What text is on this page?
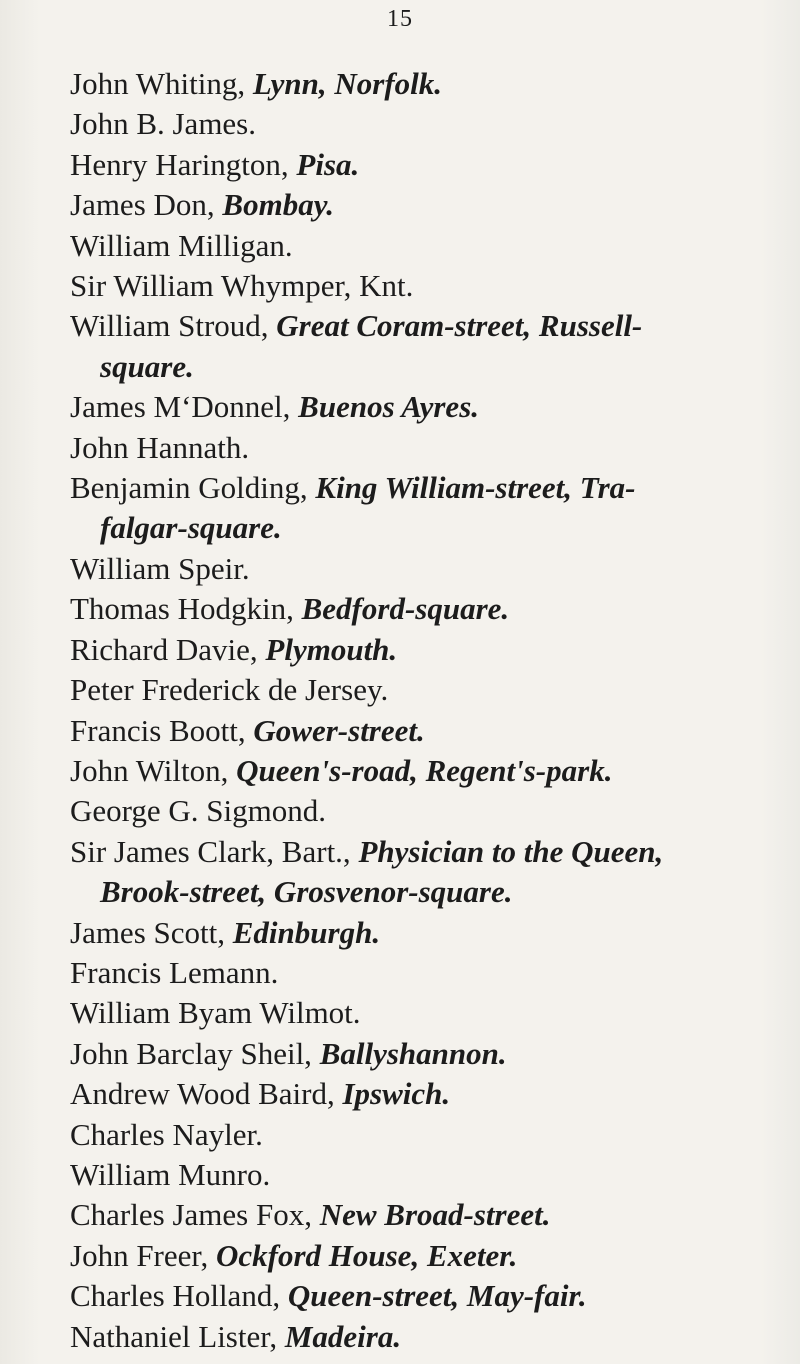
15
John Whiting, Lynn, Norfolk.
John B. James.
Henry Harington, Pisa.
James Don, Bombay.
William Milligan.
Sir William Whymper, Knt.
William Stroud, Great Coram-street, Russell-
square.
James M‘Donnel, Buenos Ayres.
John Hannath.
Benjamin Golding, King William-street, Tra-
falgar-square.
William Speir.
Thomas Hodgkin, Bedford-square.
Richard Davie, Plymouth.
Peter Frederick de Jersey.
Francis Boott, Gower-street.
John Wilton, Queen's-road, Regent's-park.
George G. Sigmond.
Sir James Clark, Bart., Physician to the Queen,
Brook-street, Grosvenor-square.
James Scott, Edinburgh.
Francis Lemann.
William Byam Wilmot.
John Barclay Sheil, Ballyshannon.
Andrew Wood Baird, Ipswich.
Charles Nayler.
William Munro.
Charles James Fox, New Broad-street.
John Freer, Ockford House, Exeter.
Charles Holland, Queen-street, May-fair.
Nathaniel Lister, Madeira.
